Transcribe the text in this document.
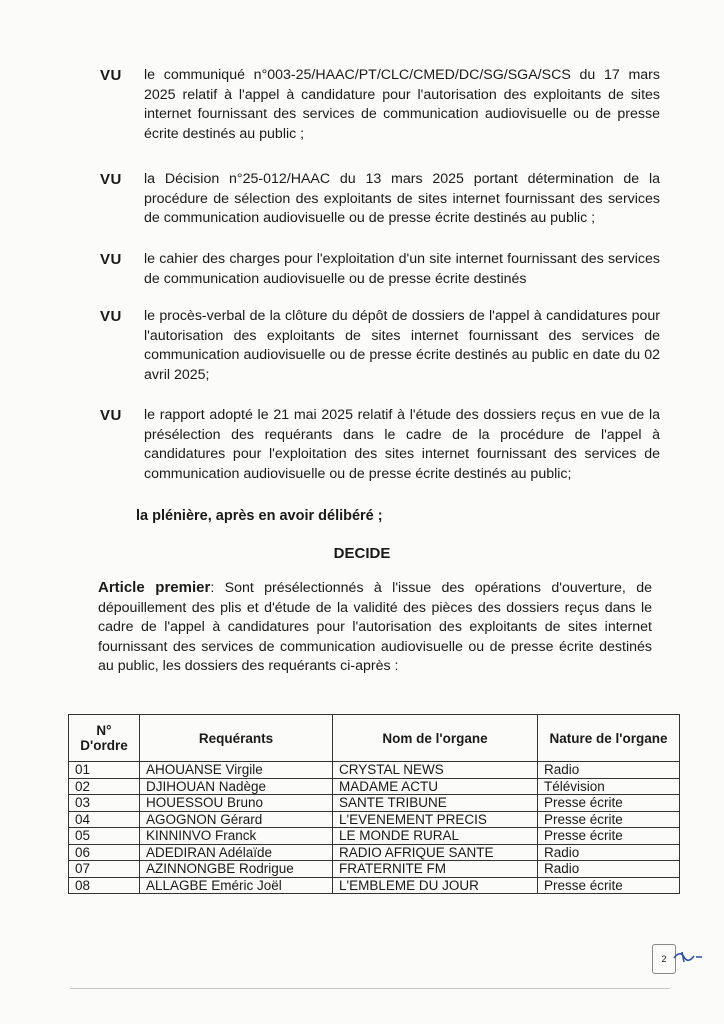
VU le communiqué n°003-25/HAAC/PT/CLC/CMED/DC/SG/SGA/SCS du 17 mars 2025 relatif à l'appel à candidature pour l'autorisation des exploitants de sites internet fournissant des services de communication audiovisuelle ou de presse écrite destinés au public ;
VU la Décision n°25-012/HAAC du 13 mars 2025 portant détermination de la procédure de sélection des exploitants de sites internet fournissant des services de communication audiovisuelle ou de presse écrite destinés au public ;
VU le cahier des charges pour l'exploitation d'un site internet fournissant des services de communication audiovisuelle ou de presse écrite destinés
VU le procès-verbal de la clôture du dépôt de dossiers de l'appel à candidatures pour l'autorisation des exploitants de sites internet fournissant des services de communication audiovisuelle ou de presse écrite destinés au public en date du 02 avril 2025;
VU le rapport adopté le 21 mai 2025 relatif à l'étude des dossiers reçus en vue de la présélection des requérants dans le cadre de la procédure de l'appel à candidatures pour l'exploitation des sites internet fournissant des services de communication audiovisuelle ou de presse écrite destinés au public;
la plénière, après en avoir délibéré ;
DECIDE
Article premier: Sont présélectionnés à l'issue des opérations d'ouverture, de dépouillement des plis et d'étude de la validité des pièces des dossiers reçus dans le cadre de l'appel à candidatures pour l'autorisation des exploitants de sites internet fournissant des services de communication audiovisuelle ou de presse écrite destinés au public, les dossiers des requérants ci-après :
N° D'ordre	Requérants	Nom de l'organe	Nature de l'organe
01	AHOUANSE Virgile	CRYSTAL NEWS	Radio
02	DJIHOUAN Nadège	MADAME ACTU	Télévision
03	HOUESSOU Bruno	SANTE TRIBUNE	Presse écrite
04	AGOGNON Gérard	L'EVENEMENT PRECIS	Presse écrite
05	KINNINVO Franck	LE MONDE RURAL	Presse écrite
06	ADEDIRAN Adélaïde	RADIO AFRIQUE SANTE	Radio
07	AZINNONGBE Rodrigue	FRATERNITE FM	Radio
08	ALLAGBE Eméric Joël	L'EMBLEME DU JOUR	Presse écrite
2
